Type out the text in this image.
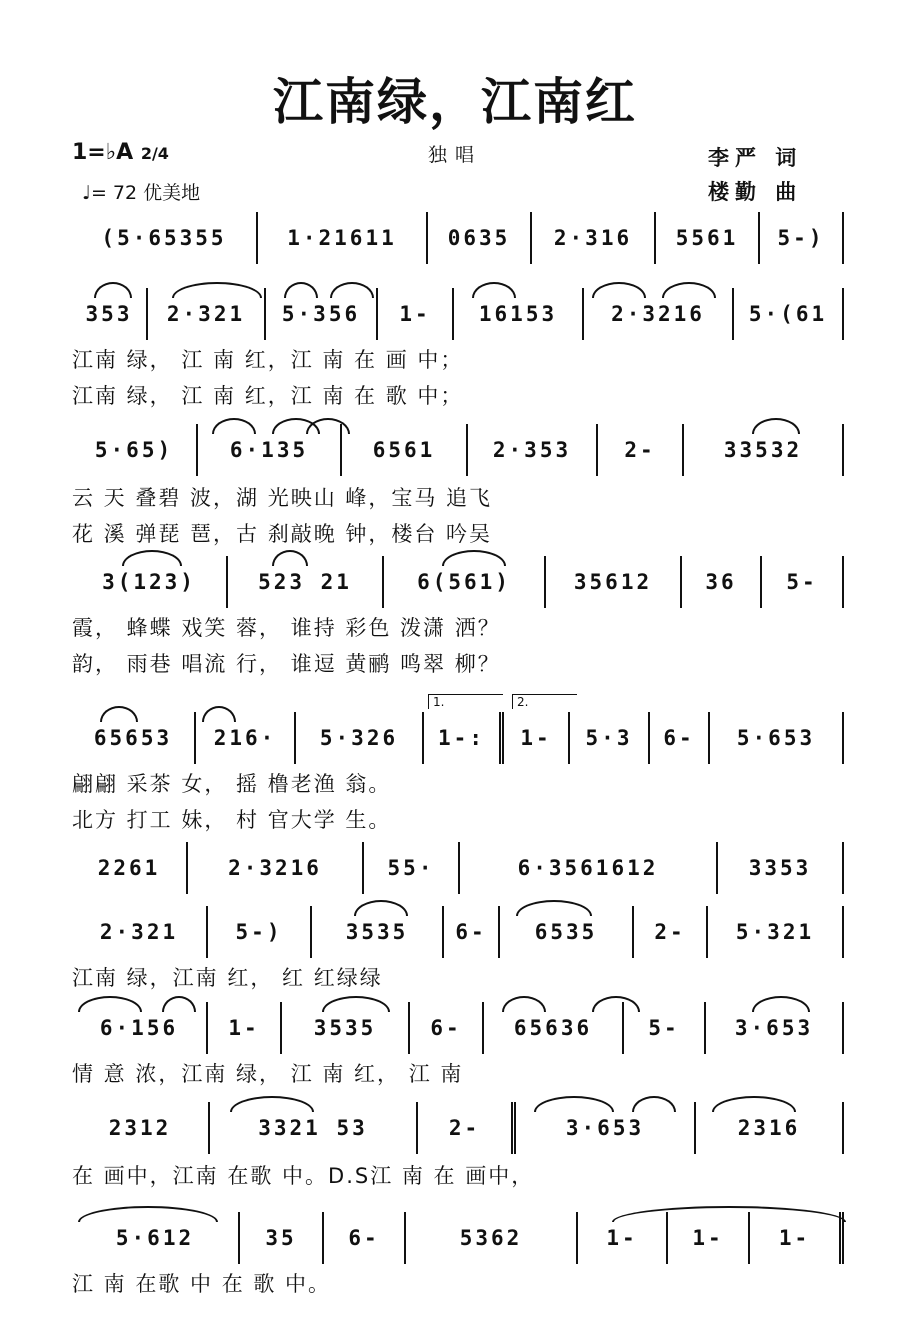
江南绿，江南红
1=♭A 2/4
♩= 72 优美地
独唱	李严 词
楼勤 曲
(5·65355	1·21611	0635	2·316	5561	5-)
353	2·321	5·356	1-	16153	2·3216	5·(61
江南 绿， 江 南 红，江 南 在 画 中；
江南 绿， 江 南 红，江 南 在 歌 中；
5·65)	6·135	6561	2·353	2-	33532
云 天 叠碧 波，湖 光映山 峰，宝马 追飞
花 溪 弹琵 琶，古 刹敲晚 钟，楼台 吟吴
3(123)	523 21	6(561)	35612	36	5-
霞， 蜂蝶 戏笑 蓉， 谁持 彩色 泼潇 洒？
韵， 雨巷 唱流 行， 谁逗 黄鹂 鸣翠 柳？
1.	2.
65653	216·	5·326	1-:	1-	5·3	6-	5·653
翩翩 采茶 女， 摇 橹老渔 翁。
北方 打工 妹， 村 官大学 生。
2261	2·3216	55·	6·3561612	3353
2·321	5-)	3535	6-	6535	2-	5·321
江南 绿，江南 红， 红 红绿绿
6·156	1-	3535	6-	65636	5-	3·653
情 意 浓，江南 绿， 江 南 红， 江 南
2312	3321 53	2-	3·653	2316
在 画中，江南 在歌 中。D.S江 南 在 画中，
5·612	35	6-	5362	1-	1-	1-
江 南 在歌 中 在 歌 中。
